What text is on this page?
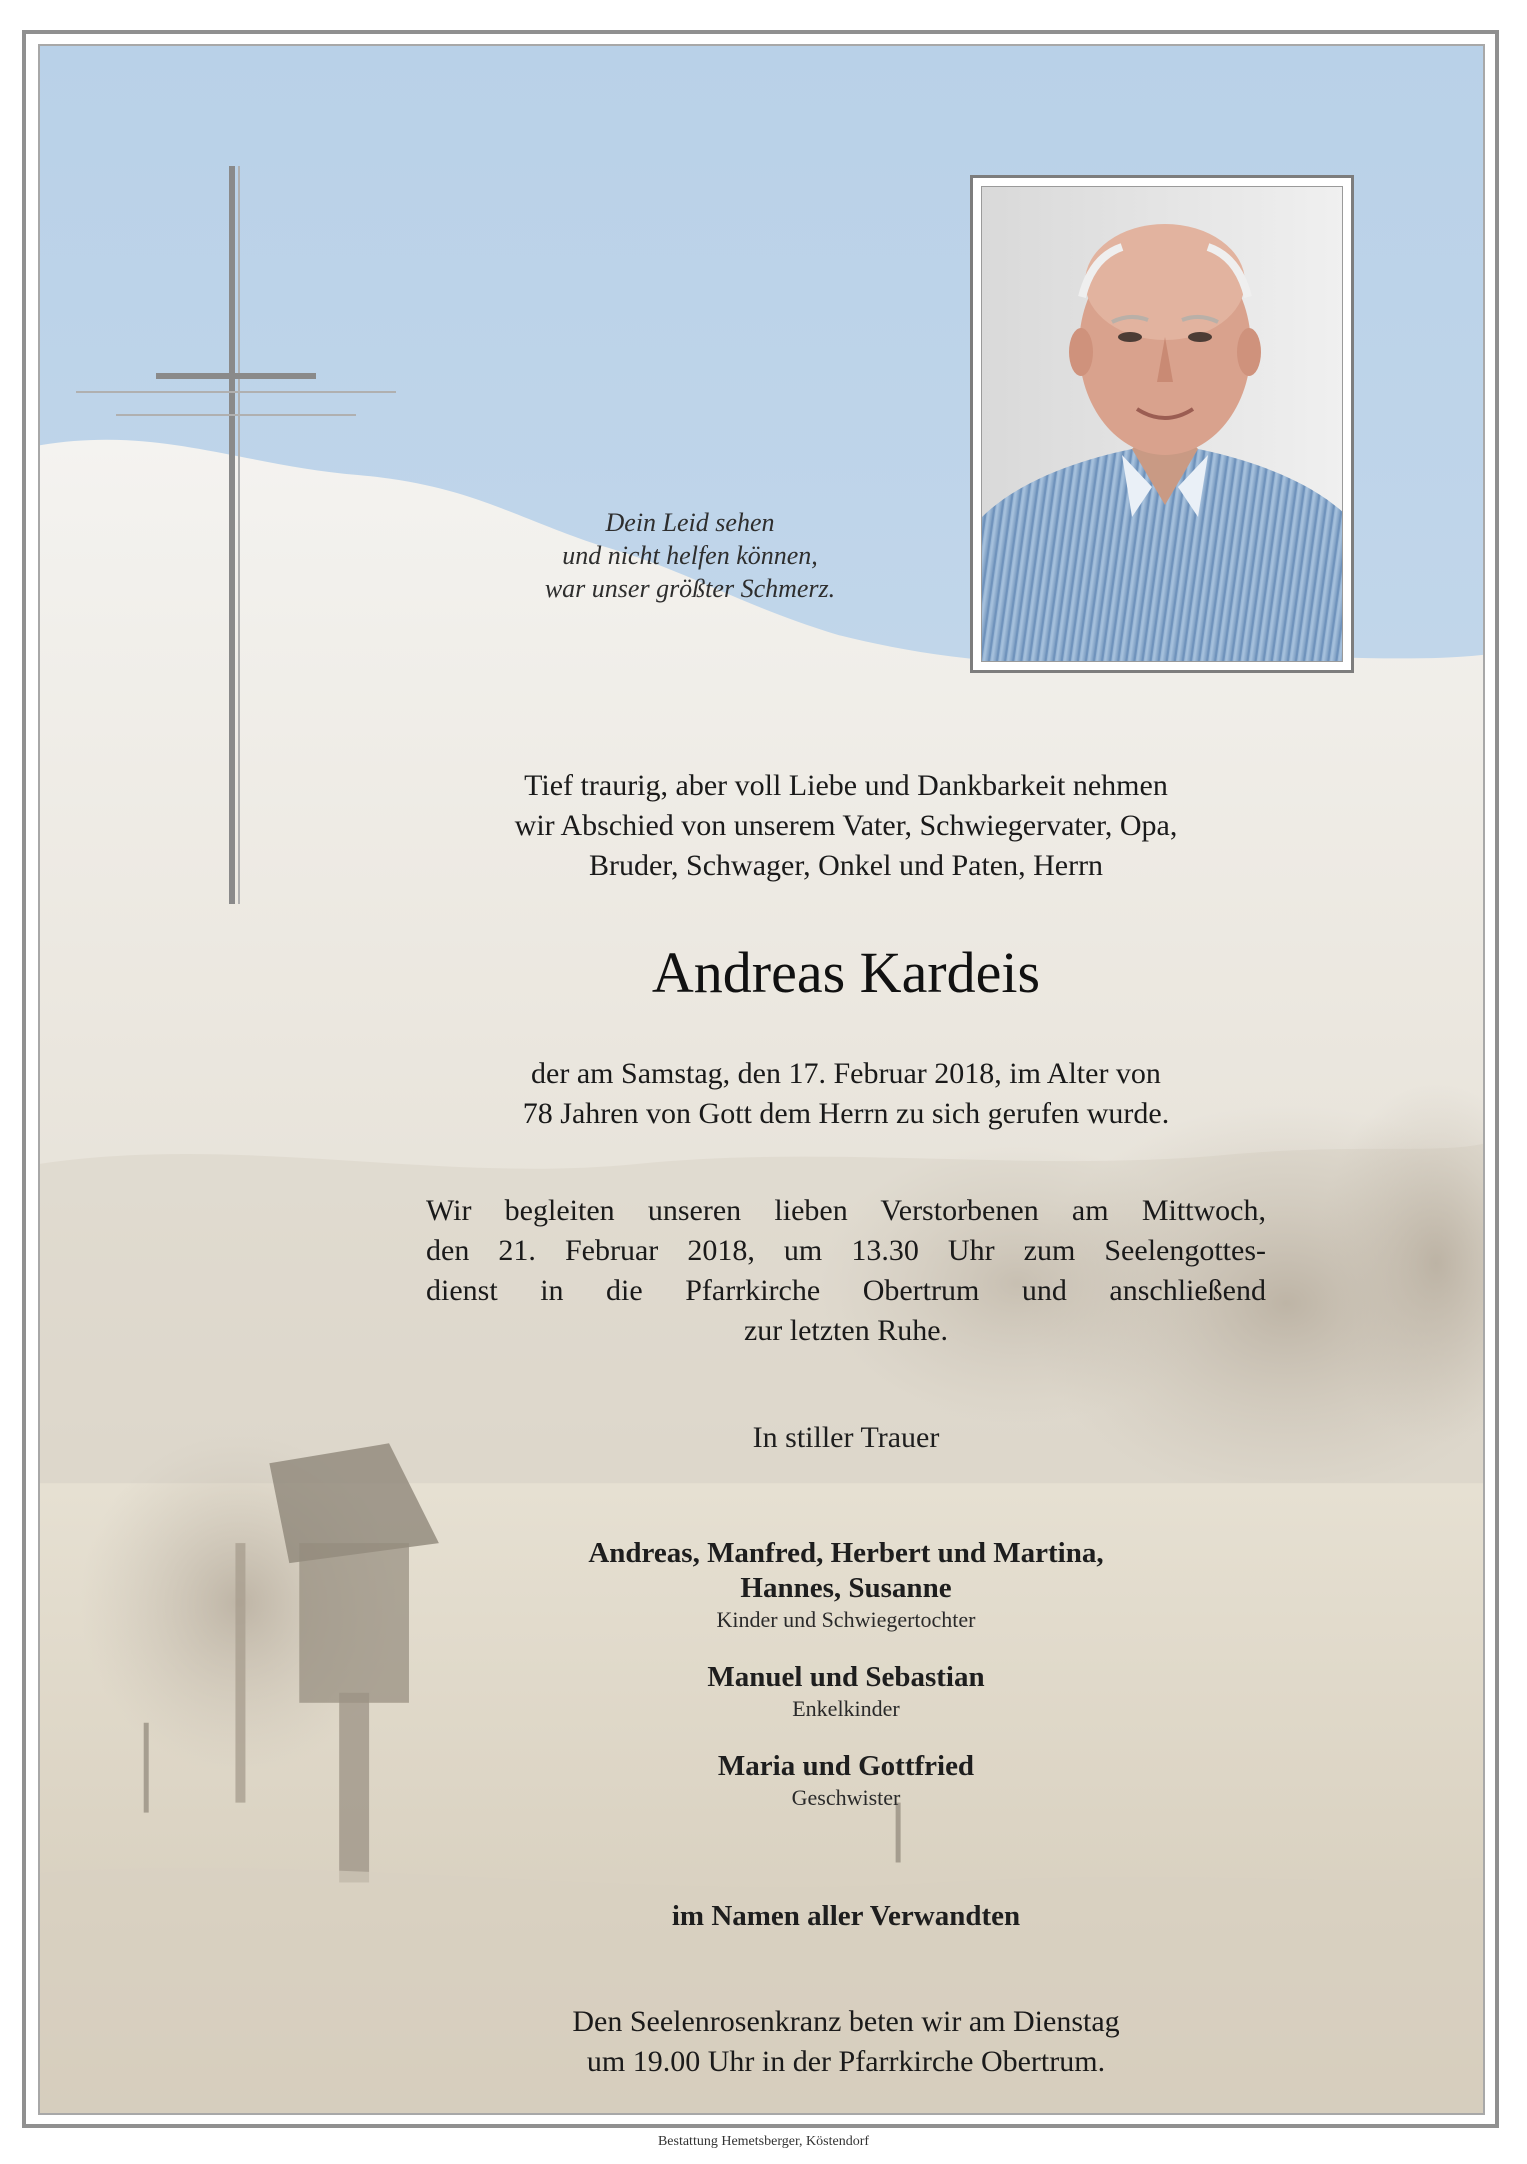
Dein Leid sehen
und nicht helfen können,
war unser größter Schmerz.
Tief traurig, aber voll Liebe und Dankbarkeit nehmen
wir Abschied von unserem Vater, Schwiegervater, Opa,
Bruder, Schwager, Onkel und Paten, Herrn
Andreas Kardeis
der am Samstag, den 17. Februar 2018, im Alter von
78 Jahren von Gott dem Herrn zu sich gerufen wurde.
Wir begleiten unseren lieben Verstorbenen am Mittwoch,
den 21. Februar 2018, um 13.30 Uhr zum Seelengottes-
dienst in die Pfarrkirche Obertrum und anschließend
zur letzten Ruhe.
In stiller Trauer
Andreas, Manfred, Herbert und Martina,
Hannes, Susanne
Kinder und Schwiegertochter
Manuel und Sebastian
Enkelkinder
Maria und Gottfried
Geschwister
im Namen aller Verwandten
Den Seelenrosenkranz beten wir am Dienstag
um 19.00 Uhr in der Pfarrkirche Obertrum.
Bestattung Hemetsberger, Köstendorf
